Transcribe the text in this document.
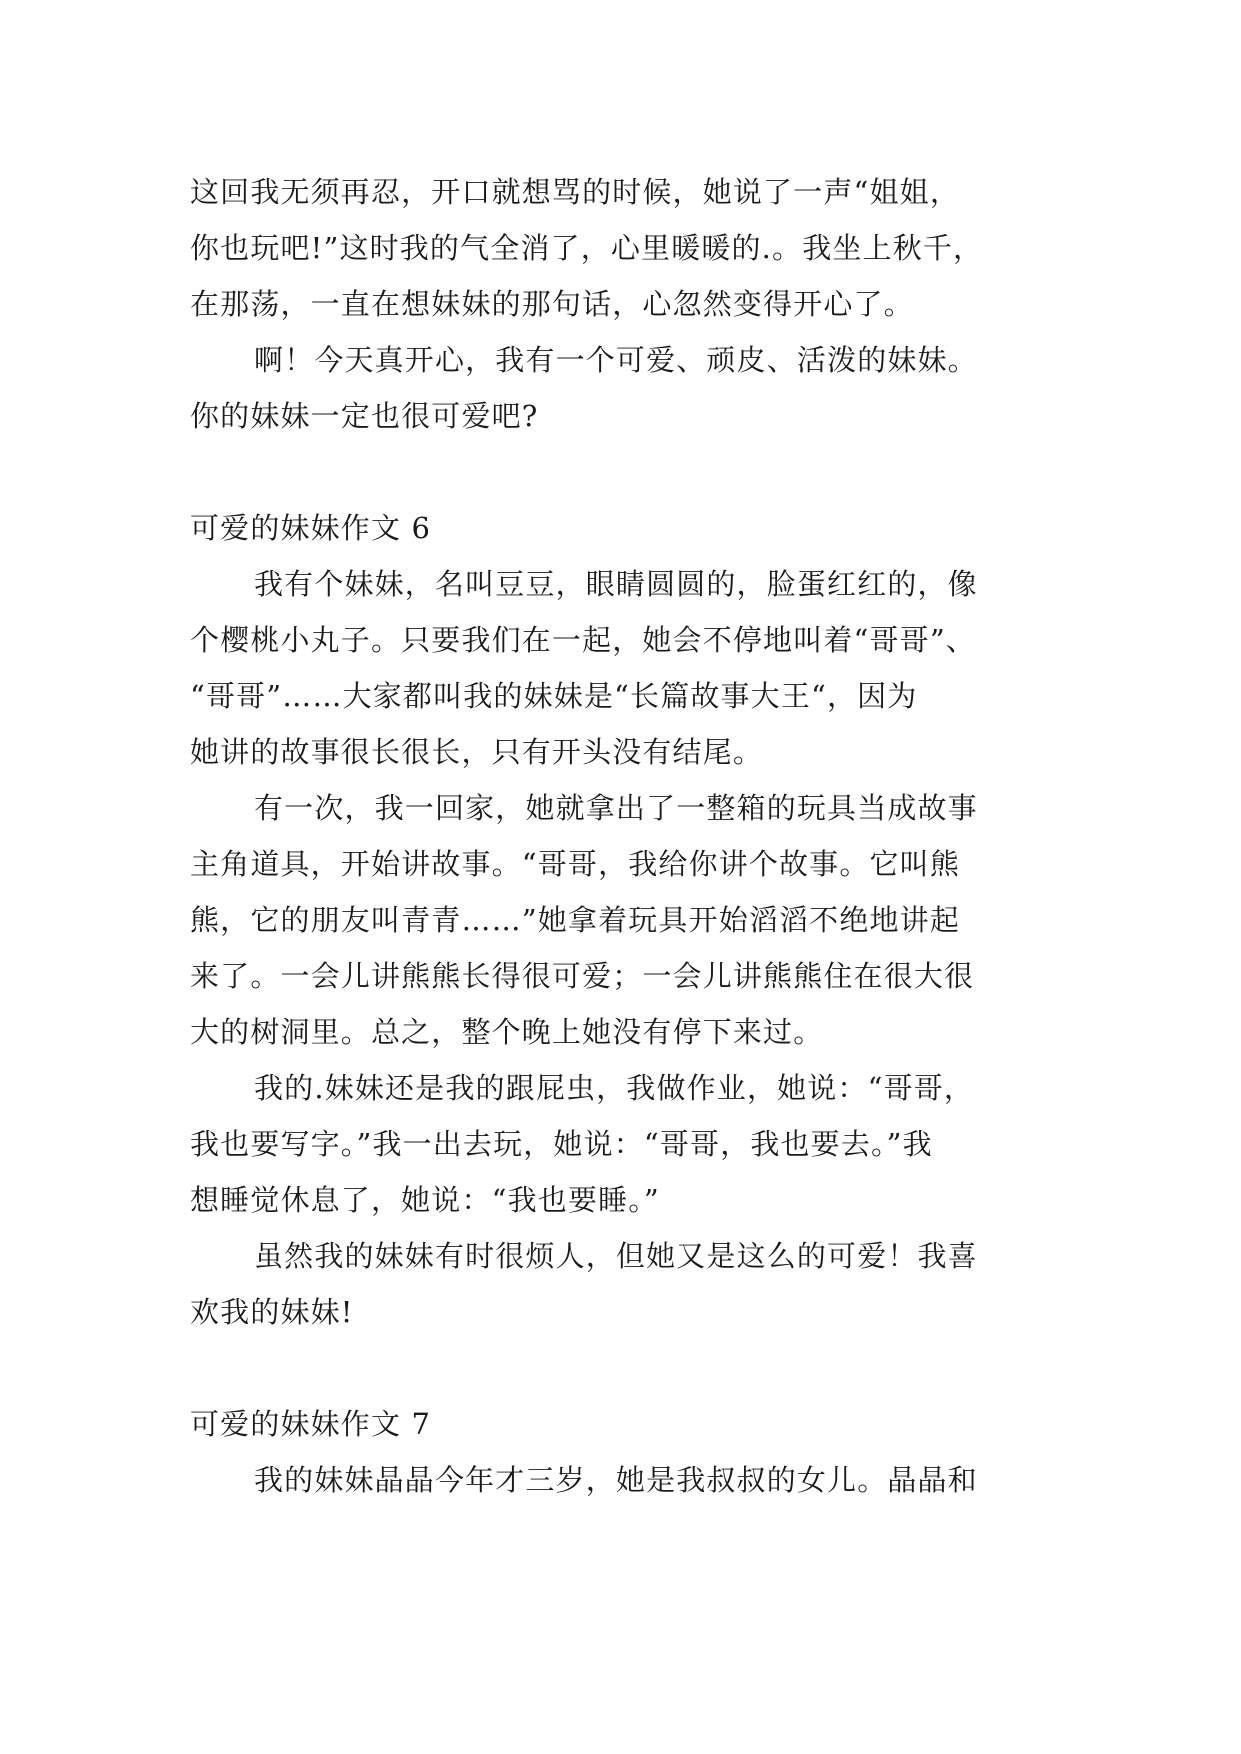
这回我无须再忍，开口就想骂的时候，她说了一声“姐姐，
你也玩吧!”这时我的气全消了，心里暖暖的.。我坐上秋千，
在那荡，一直在想妹妹的那句话，心忽然变得开心了。
啊！今天真开心，我有一个可爱、顽皮、活泼的妹妹。
你的妹妹一定也很可爱吧?
可爱的妹妹作文 6
我有个妹妹，名叫豆豆，眼睛圆圆的，脸蛋红红的，像
个樱桃小丸子。只要我们在一起，她会不停地叫着“哥哥”、
“哥哥”……大家都叫我的妹妹是“长篇故事大王“，因为
她讲的故事很长很长，只有开头没有结尾。
有一次，我一回家，她就拿出了一整箱的玩具当成故事
主角道具，开始讲故事。“哥哥，我给你讲个故事。它叫熊
熊，它的朋友叫青青……”她拿着玩具开始滔滔不绝地讲起
来了。一会儿讲熊熊长得很可爱；一会儿讲熊熊住在很大很
大的树洞里。总之，整个晚上她没有停下来过。
我的.妹妹还是我的跟屁虫，我做作业，她说：“哥哥，
我也要写字。”我一出去玩，她说：“哥哥，我也要去。”我
想睡觉休息了，她说：“我也要睡。”
虽然我的妹妹有时很烦人，但她又是这么的可爱！我喜
欢我的妹妹!
可爱的妹妹作文 7
我的妹妹晶晶今年才三岁，她是我叔叔的女儿。晶晶和
